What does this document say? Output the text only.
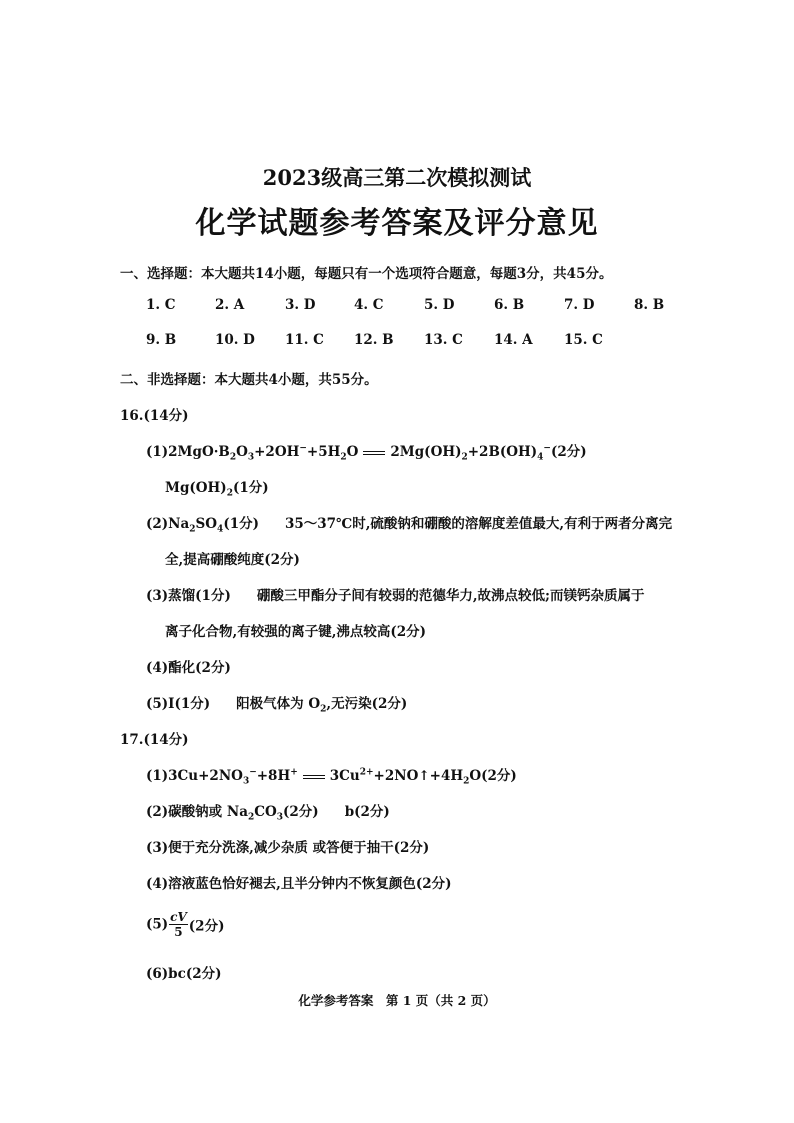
2023级高三第二次模拟测试
化学试题参考答案及评分意见
一、选择题：本大题共14小题，每题只有一个选项符合题意，每题3分，共45分。
1. C	2. A	3. D	4. C	5. D	6. B	7. D	8. B
9. B	10. D	11. C	12. B	13. C	14. A	15. C
二、非选择题：本大题共4小题，共55分。
16.(14分)
$(1)2MgO\cdot B_2O_3+2OH^-+5H_2O$ $2Mg(OH)_2+2B(OH)_4^-(2$分)
$Mg(OH)_2(1$分)
$(2)Na_2SO_4(1$分) 35～37℃时,硫酸钠和硼酸的溶解度差值最大,有利于两者分离完
全,提高硼酸纯度(2分)
(3)蒸馏(1分) 硼酸三甲酯分子间有较弱的范德华力,故沸点较低;而镁钙杂质属于
离子化合物,有较强的离子键,沸点较高(2分)
(4)酯化(2分)
(5)I(1分) 阳极气体为 $O_2$,无污染(2分)
17.(14分)
$(1)3Cu+2NO_3^-+8H^+$ $3Cu^{2+}+2NO↑+4H_2O(2$分)
(2)碳酸钠或 $Na_2CO_3(2$分) b(2分)
(3)便于充分洗涤,减少杂质 或答便于抽干(2分)
(4)溶液蓝色恰好褪去,且半分钟内不恢复颜色(2分)
$(5) \frac{cV}{5} (2$分)
(6)bc(2分)
化学参考答案　第 1 页（共 2 页）
